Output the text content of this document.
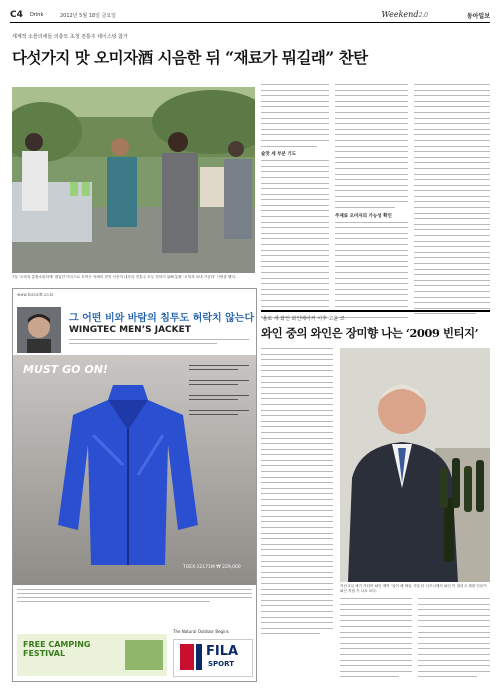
C4 Drink	2012년 5월 18일 금요일	Weekend2.0	동아일보
세계적 소믈리에들 의충모 초청 전통주 테이스팅 참가
다섯가지 맛 오미자酒 시음한 뒤 “재료가 뭐길래” 찬탄
7일 ‘오미자 통합소믈리에’ 편입단 미국으로 모여든 자세의 현지 사진이 내부의 전통주 모두 전하기 위해 통합 ‘오미자 보내 기증과’ 시연을 했다.
술맛 세 부분 기도
주재료 오미자의 가능성 확인
www.toscaitt.co.kr
그 어떤 비와 바람의 침투도 허락치 않는다
WINGTEC MEN’S JACKET
MUST GO ON!
TOEX-12171M ₩ 229,000
FREE CAMPING FESTIVAL
The Natural Outdoor Begins
FILA
SPORT
‘올로 세 와인 와인메이커 이후 고윤 코
와인 중의 와인은 장미향 나는 ‘2009 빈티지’
지난 2일 세기 가티아 와인 제작 ‘일어 메 바일 시업 더 디즈니에서 와인 이 열리고 세대 인들이 와인 직접 가 나오 보다.
